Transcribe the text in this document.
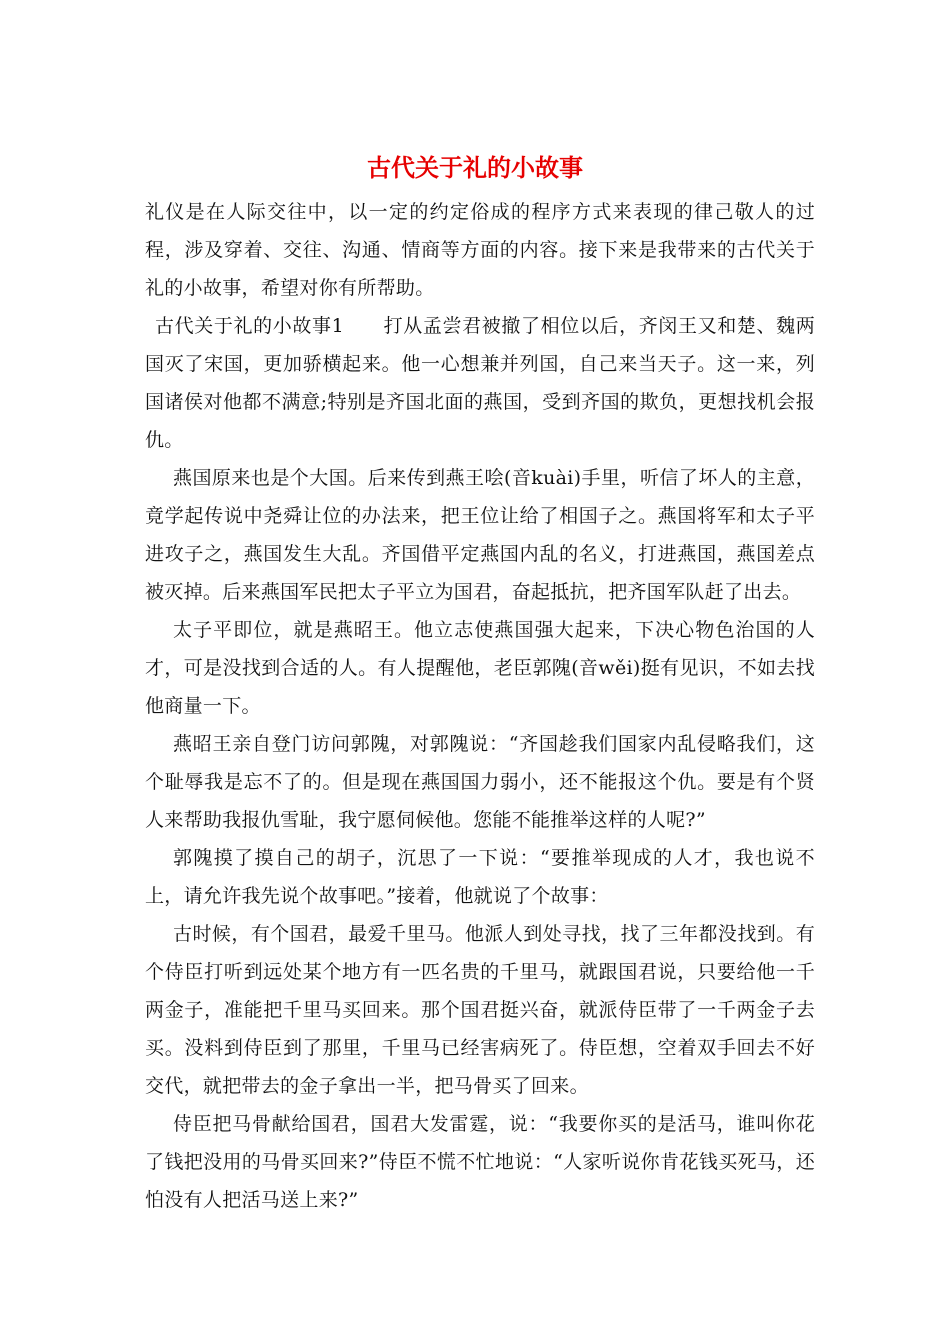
古代关于礼的小故事

礼仪是在人际交往中，以一定的约定俗成的程序方式来表现的律己敬人的过程，涉及穿着、交往、沟通、情商等方面的内容。接下来是我带来的古代关于礼的小故事，希望对你有所帮助。

古代关于礼的小故事1　　打从孟尝君被撤了相位以后，齐闵王又和楚、魏两国灭了宋国，更加骄横起来。他一心想兼并列国，自己来当天子。这一来，列国诸侯对他都不满意;特别是齐国北面的燕国，受到齐国的欺负，更想找机会报仇。

燕国原来也是个大国。后来传到燕王哙(音kuài)手里，听信了坏人的主意，竟学起传说中尧舜让位的办法来，把王位让给了相国子之。燕国将军和太子平进攻子之，燕国发生大乱。齐国借平定燕国内乱的名义，打进燕国，燕国差点被灭掉。后来燕国军民把太子平立为国君，奋起抵抗，把齐国军队赶了出去。

太子平即位，就是燕昭王。他立志使燕国强大起来，下决心物色治国的人才，可是没找到合适的人。有人提醒他，老臣郭隗(音wěi)挺有见识，不如去找他商量一下。

燕昭王亲自登门访问郭隗，对郭隗说：“齐国趁我们国家内乱侵略我们，这个耻辱我是忘不了的。但是现在燕国国力弱小，还不能报这个仇。要是有个贤人来帮助我报仇雪耻，我宁愿伺候他。您能不能推举这样的人呢?”

郭隗摸了摸自己的胡子，沉思了一下说：“要推举现成的人才，我也说不上，请允许我先说个故事吧。”接着，他就说了个故事：

古时候，有个国君，最爱千里马。他派人到处寻找，找了三年都没找到。有个侍臣打听到远处某个地方有一匹名贵的千里马，就跟国君说，只要给他一千两金子，准能把千里马买回来。那个国君挺兴奋，就派侍臣带了一千两金子去买。没料到侍臣到了那里，千里马已经害病死了。侍臣想，空着双手回去不好交代，就把带去的金子拿出一半，把马骨买了回来。

侍臣把马骨献给国君，国君大发雷霆，说：“我要你买的是活马，谁叫你花了钱把没用的马骨买回来?”侍臣不慌不忙地说：“人家听说你肯花钱买死马，还怕没有人把活马送上来?”
